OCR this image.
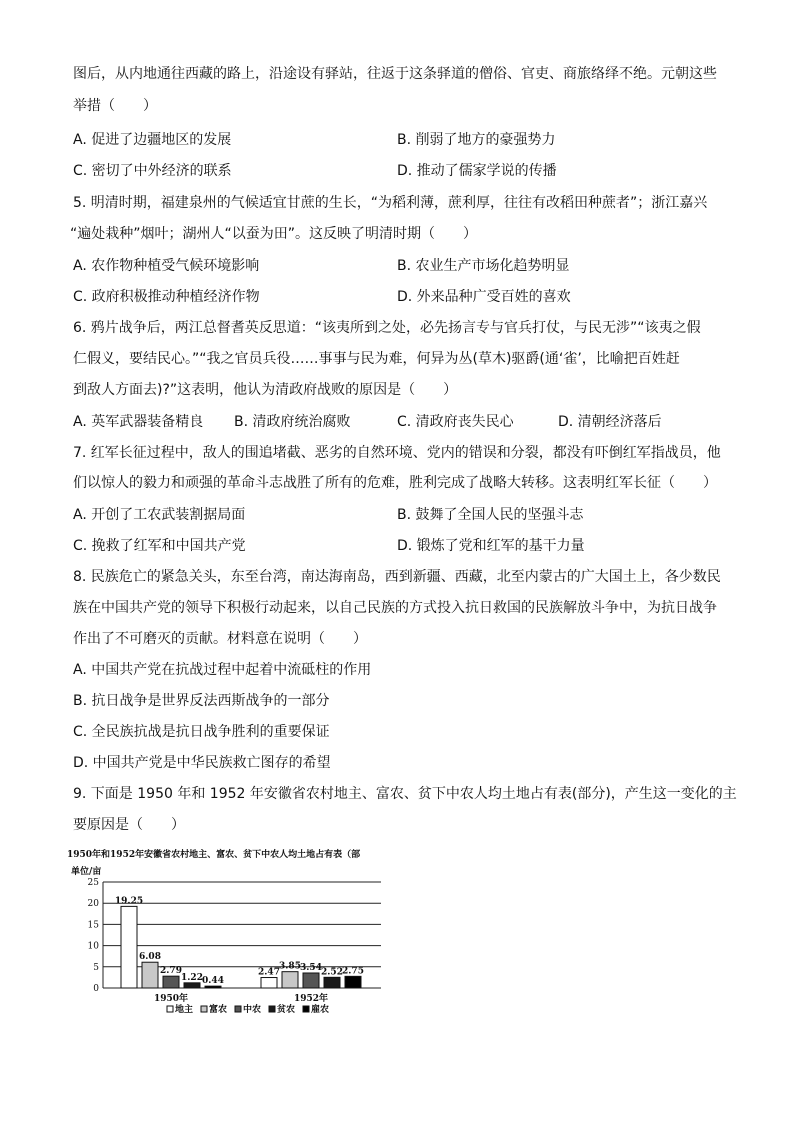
图后，从内地通往西藏的路上，沿途设有驿站，往返于这条驿道的僧俗、官吏、商旅络绎不绝。元朝这些
举措（　　）
A. 促进了边疆地区的发展	B. 削弱了地方的豪强势力
C. 密切了中外经济的联系	D. 推动了儒家学说的传播
5. 明清时期，福建泉州的气候适宜甘蔗的生长，“为稻利薄，蔗利厚，往往有改稻田种蔗者”；浙江嘉兴
“遍处栽种”烟叶；湖州人“以蚕为田”。这反映了明清时期（　　）
A. 农作物种植受气候环境影响	B. 农业生产市场化趋势明显
C. 政府积极推动种植经济作物	D. 外来品种广受百姓的喜欢
6. 鸦片战争后，两江总督耆英反思道：“该夷所到之处，必先扬言专与官兵打仗，与民无涉”“该夷之假
仁假义，要结民心。”“我之官员兵役……事事与民为难，何异为丛(草木)驱爵(通‘雀’，比喻把百姓赶
到敌人方面去)?”这表明，他认为清政府战败的原因是（　　）
A. 英军武器装备精良 B. 清政府统治腐败	C. 清政府丧失民心	D. 清朝经济落后
7. 红军长征过程中，敌人的围追堵截、恶劣的自然环境、党内的错误和分裂，都没有吓倒红军指战员，他
们以惊人的毅力和顽强的革命斗志战胜了所有的危难，胜利完成了战略大转移。这表明红军长征（　　）
A. 开创了工农武装割据局面	B. 鼓舞了全国人民的坚强斗志
C. 挽救了红军和中国共产党	D. 锻炼了党和红军的基干力量
8. 民族危亡的紧急关头，东至台湾，南达海南岛，西到新疆、西藏，北至内蒙古的广大国土上，各少数民
族在中国共产党的领导下积极行动起来，以自己民族的方式投入抗日救国的民族解放斗争中，为抗日战争
作出了不可磨灭的贡献。材料意在说明（　　）
A. 中国共产党在抗战过程中起着中流砥柱的作用
B. 抗日战争是世界反法西斯战争的一部分
C. 全民族抗战是抗日战争胜利的重要保证
D. 中国共产党是中华民族救亡图存的希望
9. 下面是 1950 年和 1952 年安徽省农村地主、富农、贫下中农人均土地占有表(部分)，产生这一变化的主
要原因是（　　）
1950年和1952年安徽省农村地主、富农、贫下中农人均土地占有表（部
单位/亩
0
5
10
15
20
25
19.25
6.08
2.79
1.22 0.44
1950年
2.47
3.85 3.54 2.52 2.75
1952年
地主 富农 中农 贫农 雇农
